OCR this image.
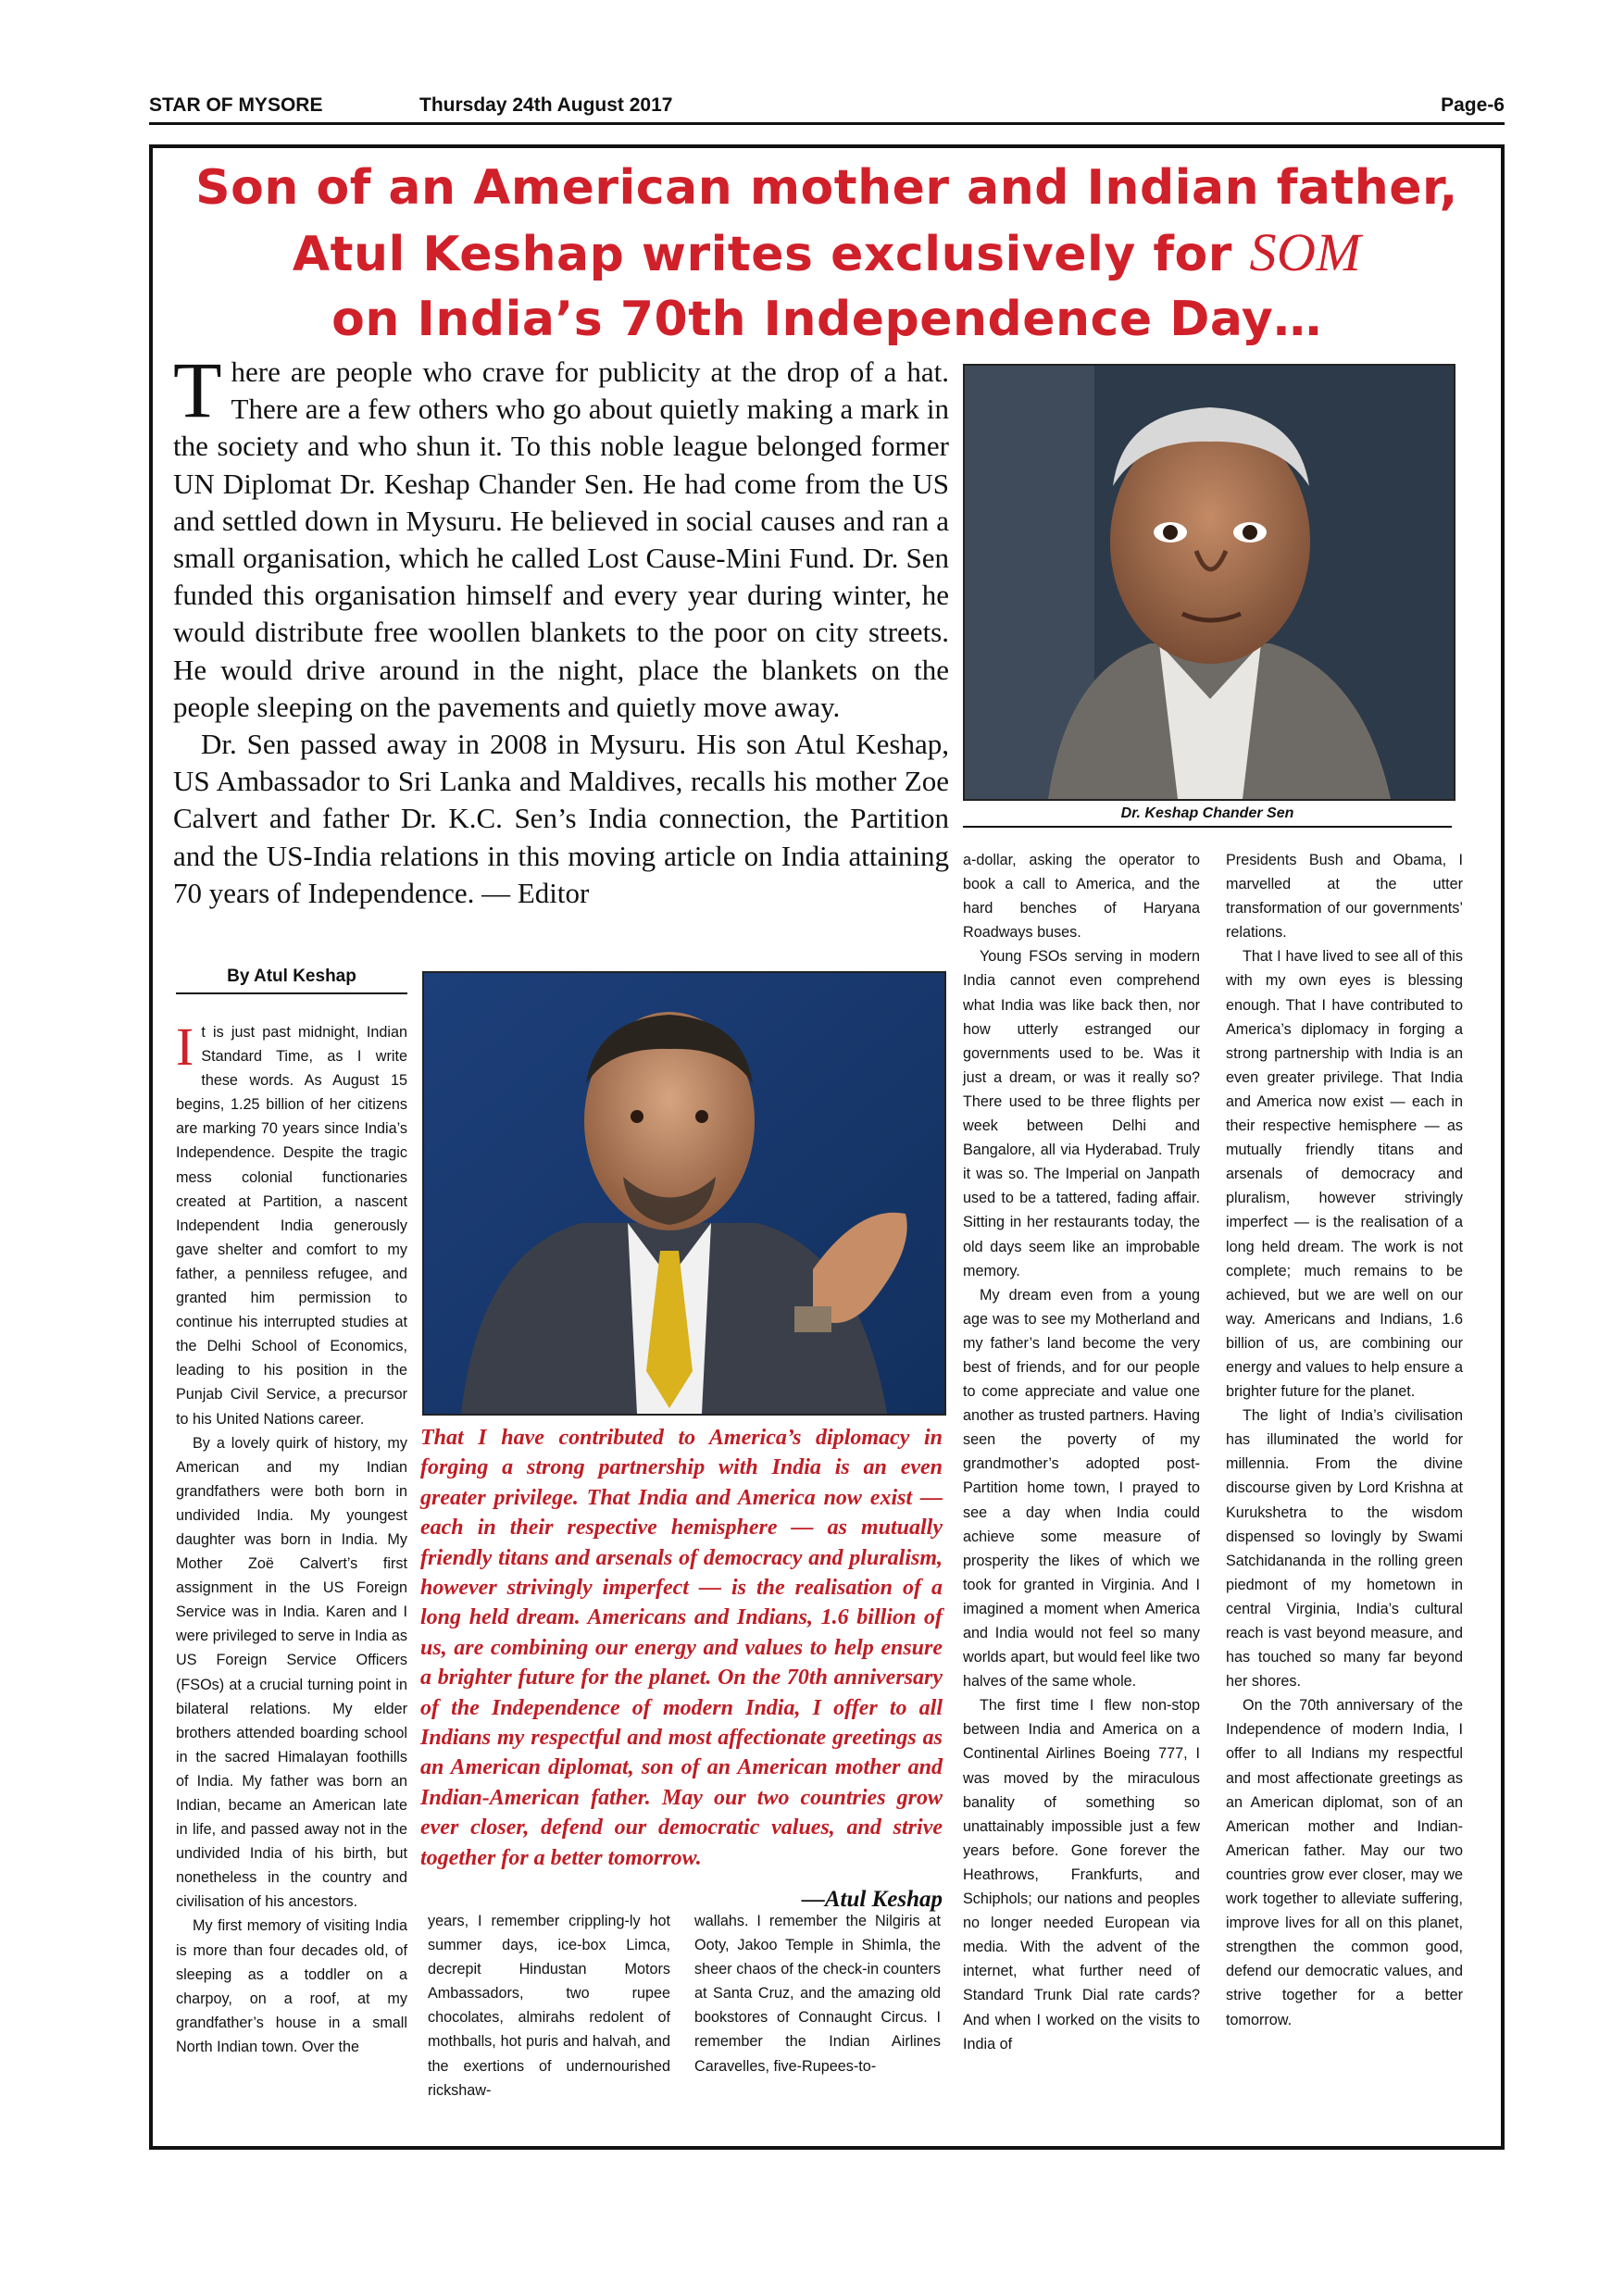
STAR OF MYSORE	Thursday 24th August 2017	Page-6
Son of an American mother and Indian father,
Atul Keshap writes exclusively for SOM
on India’s 70th Independence Day…

There are people who crave for publicity at the drop of a hat. There are a few others who go about quietly making a mark in the society and who shun it. To this noble league belonged former UN Diplomat Dr. Keshap Chander Sen. He had come from the US and settled down in Mysuru. He believed in social causes and ran a small organisation, which he called Lost Cause-Mini Fund. Dr. Sen funded this organisation himself and every year during winter, he would distribute free woollen blankets to the poor on city streets. He would drive around in the night, place the blankets on the people sleeping on the pavements and quietly move away.

Dr. Sen passed away in 2008 in Mysuru. His son Atul Keshap, US Ambassador to Sri Lanka and Maldives, recalls his mother Zoe Calvert and father Dr. K.C. Sen’s India connection, the Partition and the US-India relations in this moving article on India attaining 70 years of Independence. — Editor

Dr. Keshap Chander Sen
By Atul Keshap
That I have contributed to America’s diplomacy in forging a strong partnership with India is an even greater privilege. That India and America now exist — each in their respective hemisphere — as mutually friendly titans and arsenals of democracy and pluralism, however strivingly imperfect — is the realisation of a long held dream. Americans and Indians, 1.6 billion of us, are combining our energy and values to help ensure a brighter future for the planet. On the 70th anniversary of the Independence of modern India, I offer to all Indians my respectful and most affectionate greetings as an American diplomat, son of an American mother and Indian-American father. May our two countries grow ever closer, defend our democratic values, and strive together for a better tomorrow.
—Atul Keshap

It is just past midnight, Indian Standard Time, as I write these words. As August 15 begins, 1.25 billion of her citizens are marking 70 years since India’s Independence. Despite the tragic mess colonial functionaries created at Partition, a nascent Independent India generously gave shelter and comfort to my father, a penniless refugee, and granted him permission to continue his interrupted studies at the Delhi School of Economics, leading to his position in the Punjab Civil Service, a precursor to his United Nations career.

By a lovely quirk of history, my American and my Indian grandfathers were both born in undivided India. My youngest daughter was born in India. My Mother Zoë Calvert’s first assignment in the US Foreign Service was in India. Karen and I were privileged to serve in India as US Foreign Service Officers (FSOs) at a crucial turning point in bilateral relations. My elder brothers attended boarding school in the sacred Himalayan foothills of India. My father was born an Indian, became an American late in life, and passed away not in the undivided India of his birth, but nonetheless in the country and civilisation of his ancestors.

My first memory of visiting India is more than four decades old, of sleeping as a toddler on a charpoy, on a roof, at my grandfather’s house in a small North Indian town. Over the

years, I remember crippling-ly hot summer days, ice-box Limca, decrepit Hindustan Motors Ambassadors, two rupee chocolates, almirahs redolent of mothballs, hot puris and halvah, and the exertions of undernourished rickshaw-

wallahs. I remember the Nilgiris at Ooty, Jakoo Temple in Shimla, the sheer chaos of the check-in counters at Santa Cruz, and the amazing old bookstores of Connaught Circus. I remember the Indian Airlines Caravelles, five-Rupees-to-

a-dollar, asking the operator to book a call to America, and the hard benches of Haryana Roadways buses.

Young FSOs serving in modern India cannot even comprehend what India was like back then, nor how utterly estranged our governments used to be. Was it just a dream, or was it really so? There used to be three flights per week between Delhi and Bangalore, all via Hyderabad. Truly it was so. The Imperial on Janpath used to be a tattered, fading affair. Sitting in her restaurants today, the old days seem like an improbable memory.

My dream even from a young age was to see my Motherland and my father’s land become the very best of friends, and for our people to come appreciate and value one another as trusted partners. Having seen the poverty of my grandmother’s adopted post-Partition home town, I prayed to see a day when India could achieve some measure of prosperity the likes of which we took for granted in Virginia. And I imagined a moment when America and India would not feel so many worlds apart, but would feel like two halves of the same whole.

The first time I flew non-stop between India and America on a Continental Airlines Boeing 777, I was moved by the miraculous banality of something so unattainably impossible just a few years before. Gone forever the Heathrows, Frankfurts, and Schiphols; our nations and peoples no longer needed European via media. With the advent of the internet, what further need of Standard Trunk Dial rate cards? And when I worked on the visits to India of

Presidents Bush and Obama, I marvelled at the utter transformation of our governments’ relations.

That I have lived to see all of this with my own eyes is blessing enough. That I have contributed to America’s diplomacy in forging a strong partnership with India is an even greater privilege. That India and America now exist — each in their respective hemisphere — as mutually friendly titans and arsenals of democracy and pluralism, however strivingly imperfect — is the realisation of a long held dream. The work is not complete; much remains to be achieved, but we are well on our way. Americans and Indians, 1.6 billion of us, are combining our energy and values to help ensure a brighter future for the planet.

The light of India’s civilisation has illuminated the world for millennia. From the divine discourse given by Lord Krishna at Kurukshetra to the wisdom dispensed so lovingly by Swami Satchidananda in the rolling green piedmont of my hometown in central Virginia, India’s cultural reach is vast beyond measure, and has touched so many far beyond her shores.

On the 70th anniversary of the Independence of modern India, I offer to all Indians my respectful and most affectionate greetings as an American diplomat, son of an American mother and Indian-American father. May our two countries grow ever closer, may we work together to alleviate suffering, improve lives for all on this planet, strengthen the common good, defend our democratic values, and strive together for a better tomorrow.
